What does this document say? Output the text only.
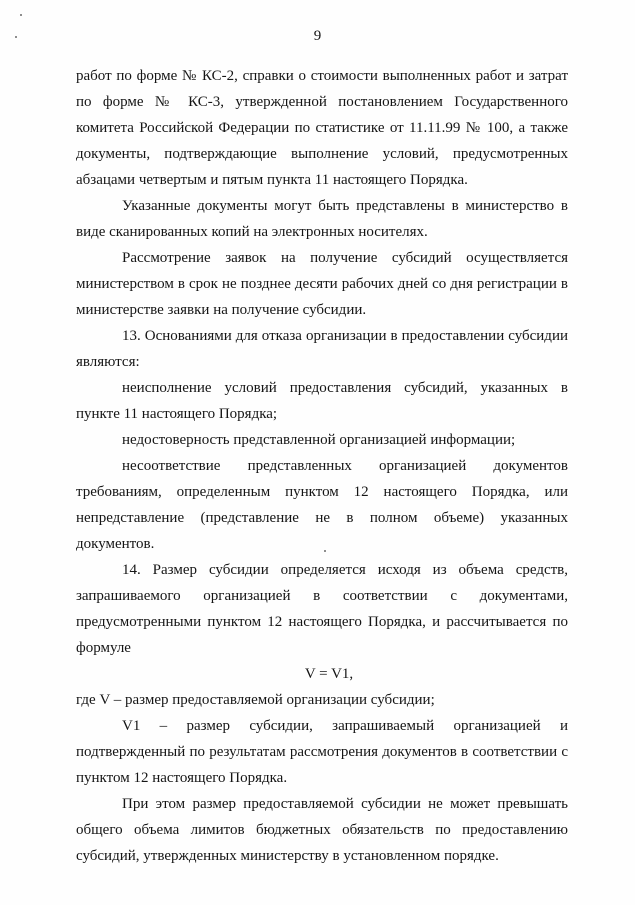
9

работ по форме № КС-2, справки о стоимости выполненных работ и затрат по форме № КС-3, утвержденной постановлением Государственного комитета Российской Федерации по статистике от 11.11.99 № 100, а также документы, подтверждающие выполнение условий, предусмотренных абзацами четвертым и пятым пункта 11 настоящего Порядка.

Указанные документы могут быть представлены в министерство в виде сканированных копий на электронных носителях.

Рассмотрение заявок на получение субсидий осуществляется министерством в срок не позднее десяти рабочих дней со дня регистрации в министерстве заявки на получение субсидии.

13. Основаниями для отказа организации в предоставлении субсидии являются:

неисполнение условий предоставления субсидий, указанных в пункте 11 настоящего Порядка;

недостоверность представленной организацией информации;

несоответствие представленных организацией документов требованиям, определенным пунктом 12 настоящего Порядка, или непредставление (представление не в полном объеме) указанных документов.

14. Размер субсидии определяется исходя из объема средств, запрашиваемого организацией в соответствии с документами, предусмотренными пунктом 12 настоящего Порядка, и рассчитывается по формуле

V = V1,

где V – размер предоставляемой организации субсидии;

V1 – размер субсидии, запрашиваемый организацией и подтвержденный по результатам рассмотрения документов в соответствии с пунктом 12 настоящего Порядка.

При этом размер предоставляемой субсидии не может превышать общего объема лимитов бюджетных обязательств по предоставлению субсидий, утвержденных министерству в установленном порядке.
